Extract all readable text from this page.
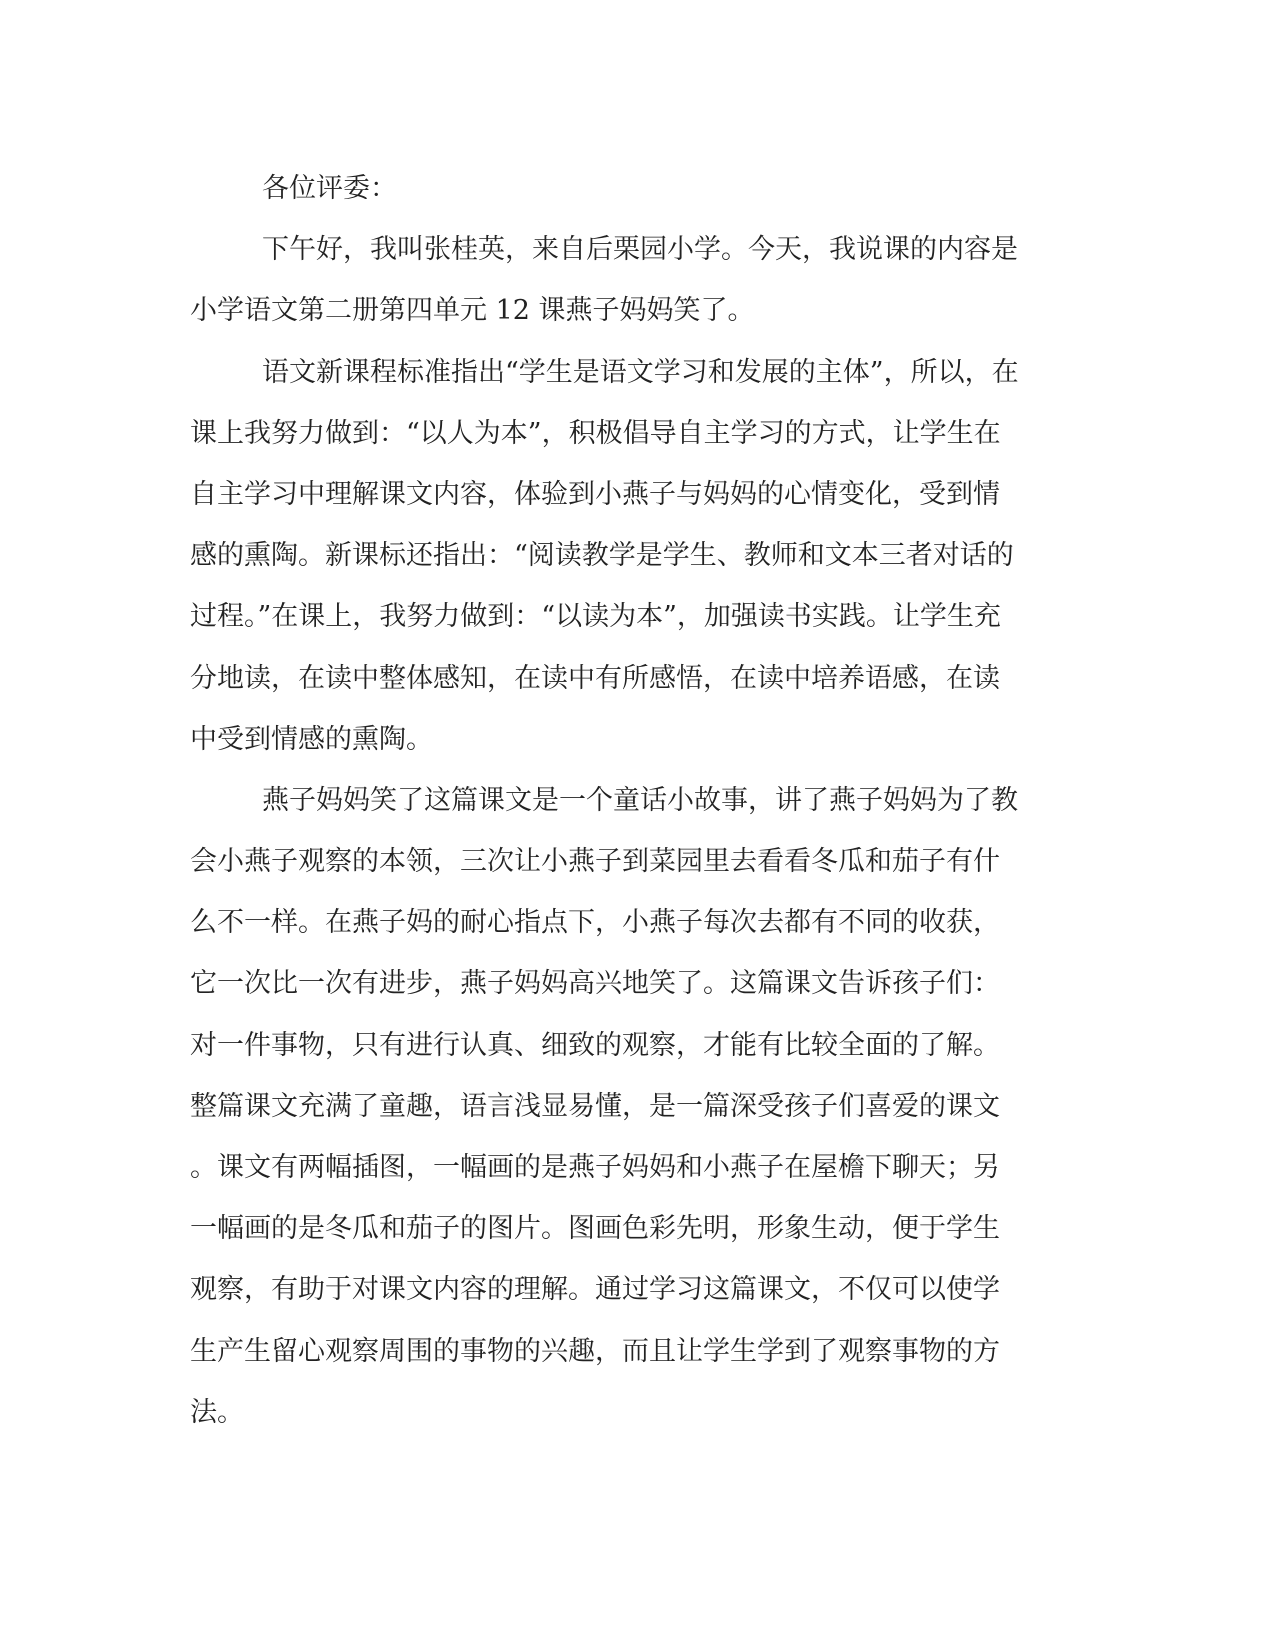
各位评委：
下午好，我叫张桂英，来自后栗园小学。今天，我说课的内容是
小学语文第二册第四单元 12 课燕子妈妈笑了。
语文新课程标准指出“学生是语文学习和发展的主体”，所以，在
课上我努力做到：“以人为本”，积极倡导自主学习的方式，让学生在
自主学习中理解课文内容，体验到小燕子与妈妈的心情变化，受到情
感的熏陶。新课标还指出：“阅读教学是学生、教师和文本三者对话的
过程。”在课上，我努力做到：“以读为本”，加强读书实践。让学生充
分地读，在读中整体感知，在读中有所感悟，在读中培养语感，在读
中受到情感的熏陶。
燕子妈妈笑了这篇课文是一个童话小故事，讲了燕子妈妈为了教
会小燕子观察的本领，三次让小燕子到菜园里去看看冬瓜和茄子有什
么不一样。在燕子妈的耐心指点下，小燕子每次去都有不同的收获，
它一次比一次有进步，燕子妈妈高兴地笑了。这篇课文告诉孩子们：
对一件事物，只有进行认真、细致的观察，才能有比较全面的了解。
整篇课文充满了童趣，语言浅显易懂，是一篇深受孩子们喜爱的课文
。课文有两幅插图，一幅画的是燕子妈妈和小燕子在屋檐下聊天；另
一幅画的是冬瓜和茄子的图片。图画色彩先明，形象生动，便于学生
观察，有助于对课文内容的理解。通过学习这篇课文，不仅可以使学
生产生留心观察周围的事物的兴趣，而且让学生学到了观察事物的方
法。
